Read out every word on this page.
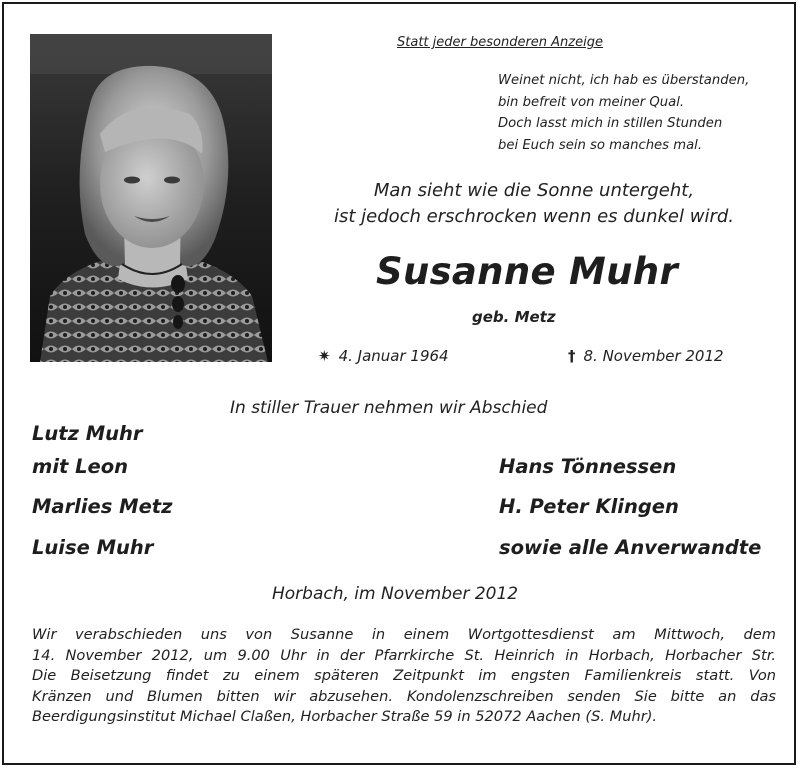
Statt jeder besonderen Anzeige
Weinet nicht, ich hab es überstanden,
bin befreit von meiner Qual.
Doch lasst mich in stillen Stunden
bei Euch sein so manches mal.
Man sieht wie die Sonne untergeht,
ist jedoch erschrocken wenn es dunkel wird.
Susanne Muhr
geb. Metz
✷ 4. Januar 1964	† 8. November 2012
In stiller Trauer nehmen wir Abschied
Lutz Muhr
mit Leon
Marlies Metz
Luise Muhr
Hans Tönnessen
H. Peter Klingen
sowie alle Anverwandte
Horbach, im November 2012
Wir verabschieden uns von Susanne in einem Wortgottesdienst am Mittwoch, dem
14. November 2012, um 9.00 Uhr in der Pfarrkirche St. Heinrich in Horbach, Horbacher Str.
Die Beisetzung findet zu einem späteren Zeitpunkt im engsten Familienkreis statt. Von
Kränzen und Blumen bitten wir abzusehen. Kondolenzschreiben senden Sie bitte an das
Beerdigungsinstitut Michael Claßen, Horbacher Straße 59 in 52072 Aachen (S. Muhr).
